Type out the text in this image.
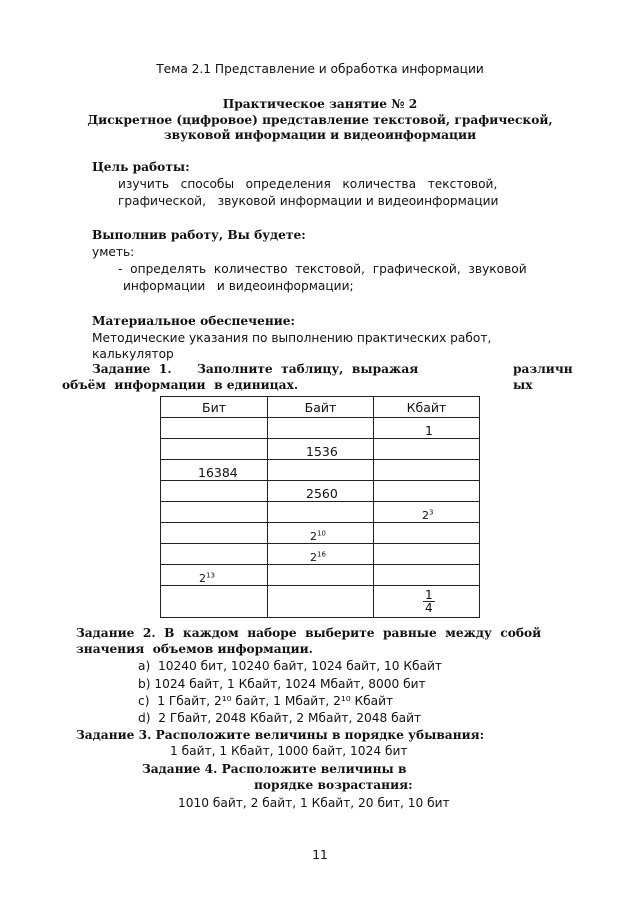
Тема 2.1 Представление и обработка информации
Практическое занятие № 2
Дискретное (цифровое) представление текстовой, графической,
звуковой информации и видеоинформации
Цель работы:
изучить   способы   определения   количества   текстовой,
графической,   звуковой информации и видеоинформации
Выполнив работу, Вы будете:
уметь:
-  определять  количество  текстовой,  графической,  звуковой
информации   и видеоинформации;
Материальное обеспечение:
Методические указания по выполнению практических работ,
калькулятор
Задание  1.      Заполните  таблицу,  выражая	различн
объём  информации  в единицах.	ых
Бит	Байт	Кбайт
		1
	1536	
16384		
	2560	
		$2^3$
	$2^{10}$	
	$2^{16}$	
$2^{13}$		

		$\frac{1}{4}$
Задание  2.  В  каждом  наборе  выберите  равные  между  собой
значения  объемов информации.
a) 10240 бит, 10240 байт, 1024 байт, 10 Кбайт
b) 1024 байт, 1 Кбайт, 1024 Мбайт, 8000 бит
c) 1 Гбайт, 2¹⁰ байт, 1 Мбайт, 2¹⁰ Кбайт
d) 2 Гбайт, 2048 Кбайт, 2 Мбайт, 2048 байт
Задание 3. Расположите величины в порядке убывания:
1 байт, 1 Кбайт, 1000 байт, 1024 бит
Задание 4. Расположите величины в
порядке возрастания:
1010 байт, 2 байт, 1 Кбайт, 20 бит, 10 бит
11
